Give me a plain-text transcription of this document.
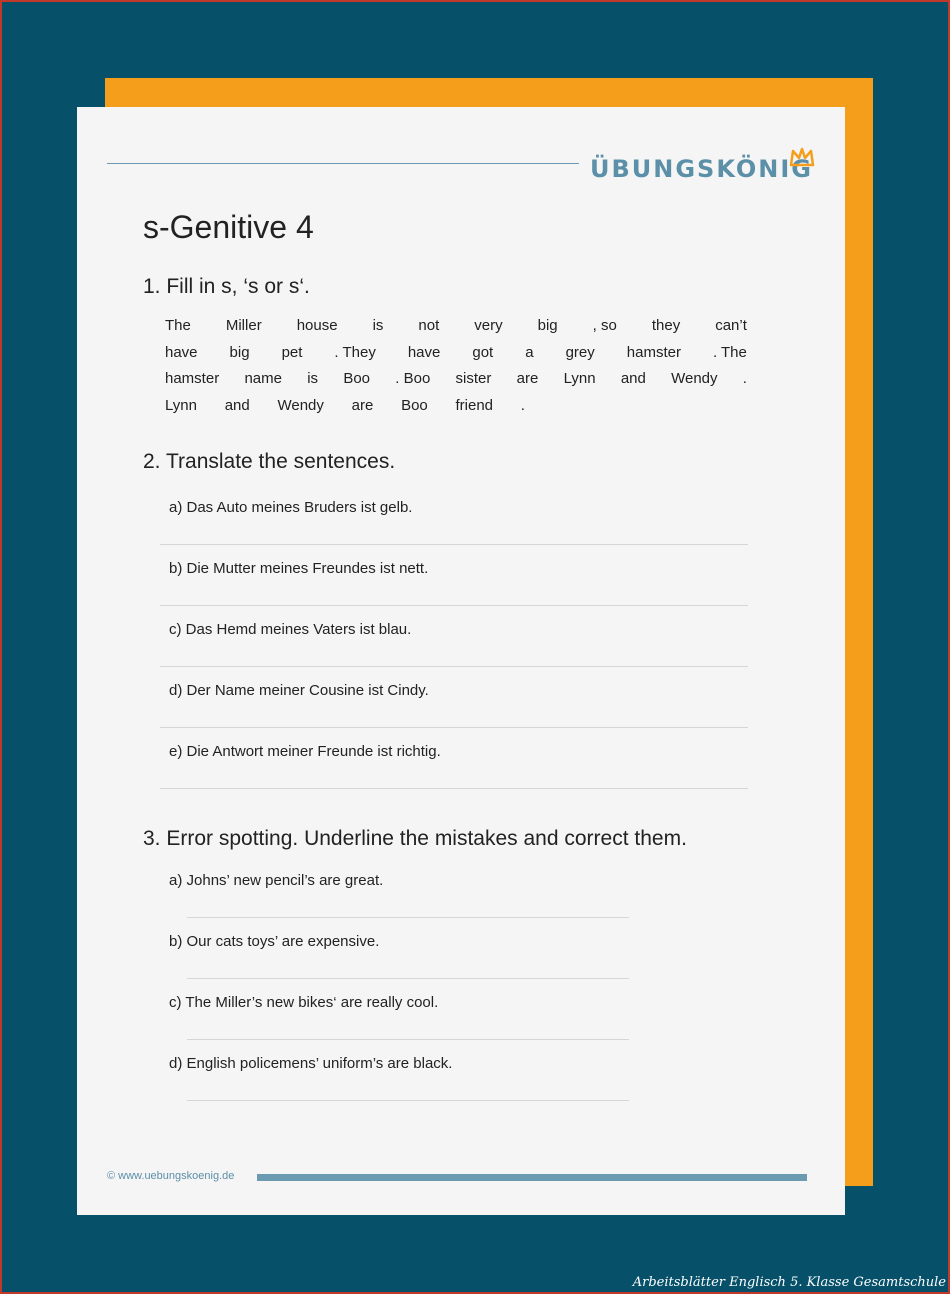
ÜBUNGSKÖNIG
s-Genitive 4
1. Fill in s, ‘s or s‘.
The Miller house is not very big , so they can’t
have big pet . They have got a grey hamster . The
hamster name is Boo . Boo sister are Lynn and Wendy .
Lynn and Wendy are Boo friend .
2. Translate the sentences.
a) Das Auto meines Bruders ist gelb.
b) Die Mutter meines Freundes ist nett.
c) Das Hemd meines Vaters ist blau.
d) Der Name meiner Cousine ist Cindy.
e) Die Antwort meiner Freunde ist richtig.
3. Error spotting. Underline the mistakes and correct them.
a) Johns’ new pencil’s are great.
b) Our cats toys’ are expensive.
c) The Miller’s new bikes‘ are really cool.
d) English policemens’ uniform’s are black.
© www.uebungskoenig.de
Arbeitsblätter Englisch 5. Klasse Gesamtschule
